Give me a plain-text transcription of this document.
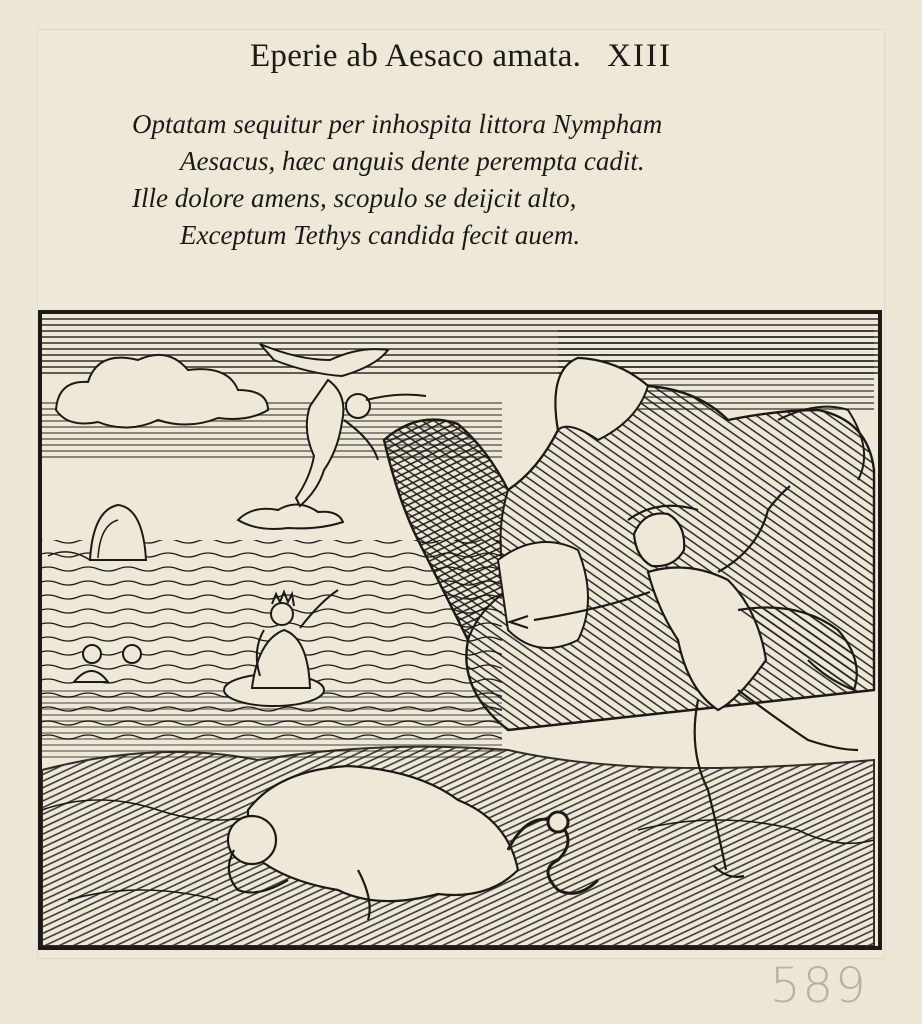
Eperie ab Aesaco amata. XIII
Optatam sequitur per inhospita littora Nympham
Aesacus, hæc anguis dente perempta cadit.
Ille dolore amens, scopulo se deijcit alto,
Exceptum Tethys candida fecit auem.
589
